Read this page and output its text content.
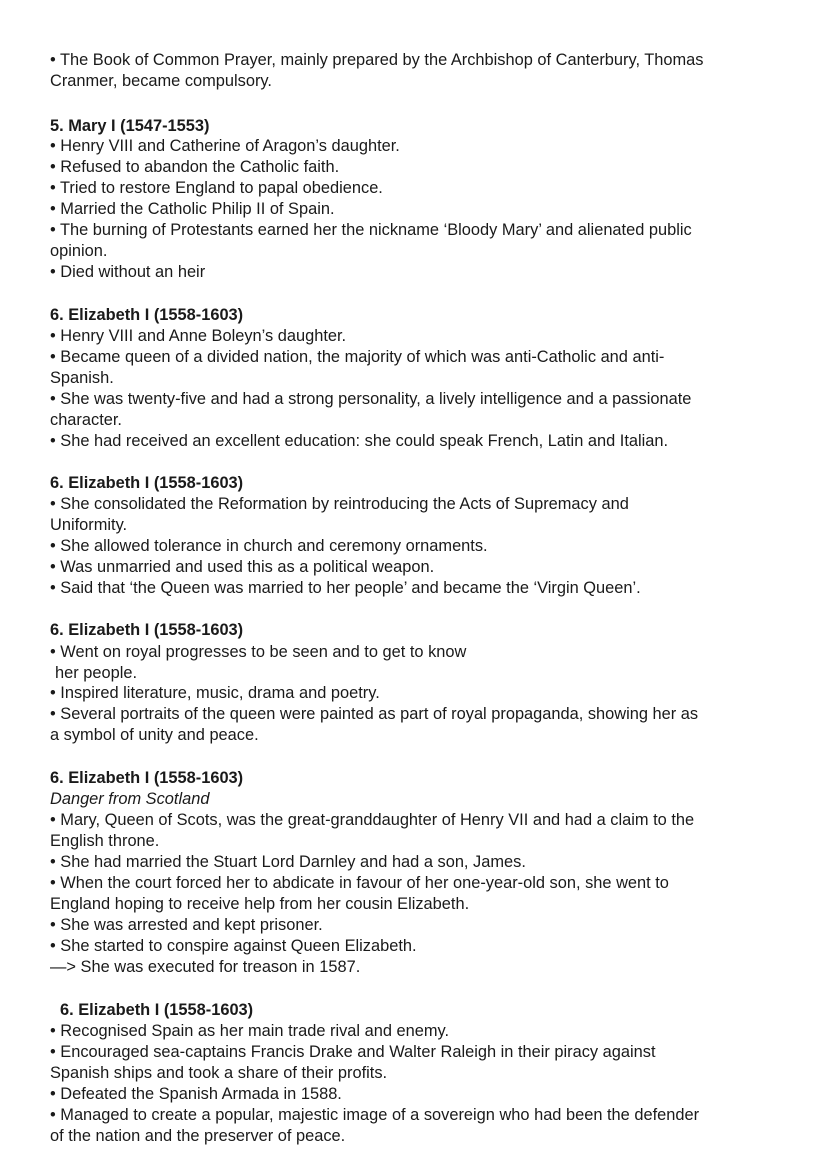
• The Book of Common Prayer, mainly prepared by the Archbishop of Canterbury, Thomas
Cranmer, became compulsory.
5. Mary I (1547-1553)
• Henry VIII and Catherine of Aragon’s daughter.
• Refused to abandon the Catholic faith.
• Tried to restore England to papal obedience.
• Married the Catholic Philip II of Spain.
• The burning of Protestants earned her the nickname ‘Bloody Mary’ and alienated public
opinion.
• Died without an heir
6. Elizabeth I (1558-1603)
• Henry VIII and Anne Boleyn’s daughter.
• Became queen of a divided nation, the majority of which was anti-Catholic and anti-
Spanish.
• She was twenty-five and had a strong personality, a lively intelligence and a passionate
character.
• She had received an excellent education: she could speak French, Latin and Italian.
6. Elizabeth I (1558-1603)
• She consolidated the Reformation by reintroducing the Acts of Supremacy and
Uniformity.
• She allowed tolerance in church and ceremony ornaments.
• Was unmarried and used this as a political weapon.
• Said that ‘the Queen was married to her people’ and became the ‘Virgin Queen’.
6. Elizabeth I (1558-1603)
• Went on royal progresses to be seen and to get to know
her people.
• Inspired literature, music, drama and poetry.
• Several portraits of the queen were painted as part of royal propaganda, showing her as
a symbol of unity and peace.
6. Elizabeth I (1558-1603)
Danger from Scotland
• Mary, Queen of Scots, was the great-granddaughter of Henry VII and had a claim to the
English throne.
• She had married the Stuart Lord Darnley and had a son, James.
• When the court forced her to abdicate in favour of her one-year-old son, she went to
England hoping to receive help from her cousin Elizabeth.
• She was arrested and kept prisoner.
• She started to conspire against Queen Elizabeth.
—> She was executed for treason in 1587.
6. Elizabeth I (1558-1603)
• Recognised Spain as her main trade rival and enemy.
• Encouraged sea-captains Francis Drake and Walter Raleigh in their piracy against
Spanish ships and took a share of their profits.
• Defeated the Spanish Armada in 1588.
• Managed to create a popular, majestic image of a sovereign who had been the defender
of the nation and the preserver of peace.
